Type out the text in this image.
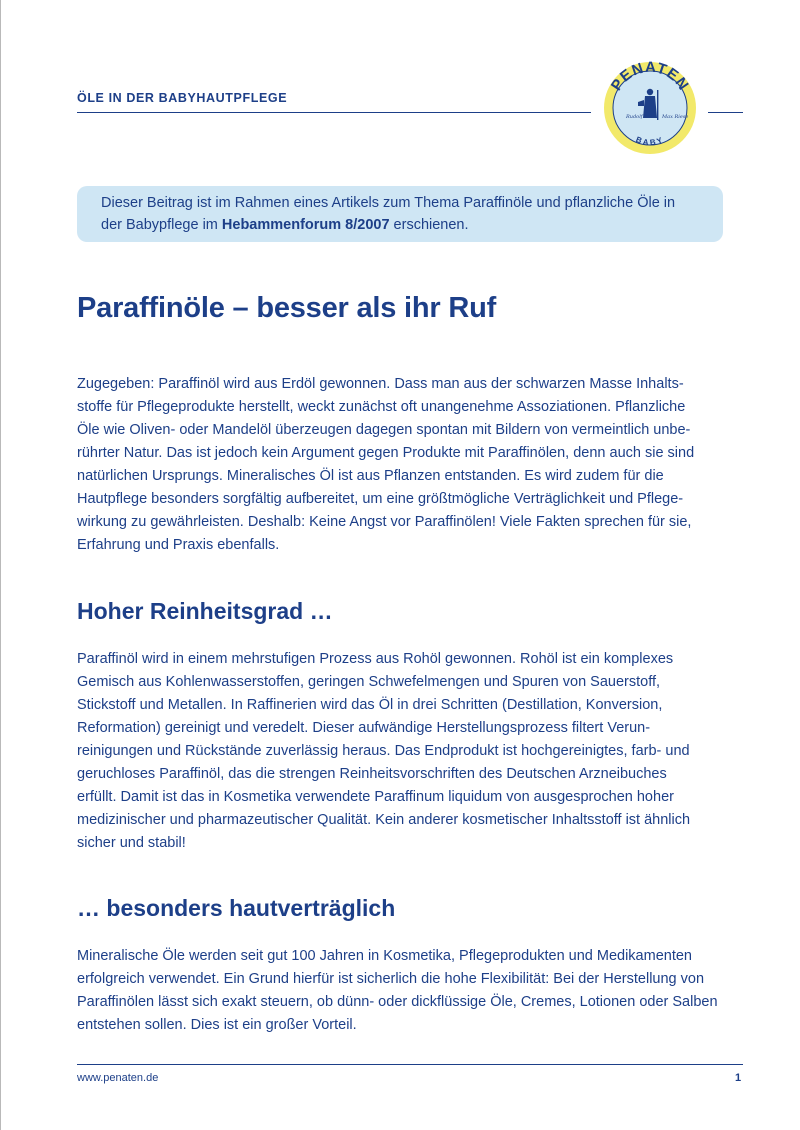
ÖLE IN DER BABYHAUTPFLEGE
PENATEN
BABY
Rudolf	Max Riese
Dieser Beitrag ist im Rahmen eines Artikels zum Thema Paraffinöle und pflanzliche Öle in der Babypflege im Hebammenforum 8/2007 erschienen.
Paraffinöle – besser als ihr Ruf
Zugegeben: Paraffinöl wird aus Erdöl gewonnen. Dass man aus der schwarzen Masse Inhalts-
stoffe für Pflegeprodukte herstellt, weckt zunächst oft unangenehme Assoziationen. Pflanzliche
Öle wie Oliven- oder Mandelöl überzeugen dagegen spontan mit Bildern von vermeintlich unbe-
rührter Natur. Das ist jedoch kein Argument gegen Produkte mit Paraffinölen, denn auch sie sind
natürlichen Ursprungs. Mineralisches Öl ist aus Pflanzen entstanden. Es wird zudem für die
Hautpflege besonders sorgfältig aufbereitet, um eine größtmögliche Verträglichkeit und Pflege-
wirkung zu gewährleisten. Deshalb: Keine Angst vor Paraffinölen! Viele Fakten sprechen für sie,
Erfahrung und Praxis ebenfalls.
Hoher Reinheitsgrad …
Paraffinöl wird in einem mehrstufigen Prozess aus Rohöl gewonnen. Rohöl ist ein komplexes
Gemisch aus Kohlenwasserstoffen, geringen Schwefelmengen und Spuren von Sauerstoff,
Stickstoff und Metallen. In Raffinerien wird das Öl in drei Schritten (Destillation, Konversion,
Reformation) gereinigt und veredelt. Dieser aufwändige Herstellungsprozess filtert Verun-
reinigungen und Rückstände zuverlässig heraus. Das Endprodukt ist hochgereinigtes, farb- und
geruchloses Paraffinöl, das die strengen Reinheitsvorschriften des Deutschen Arzneibuches
erfüllt. Damit ist das in Kosmetika verwendete Paraffinum liquidum von ausgesprochen hoher
medizinischer und pharmazeutischer Qualität. Kein anderer kosmetischer Inhaltsstoff ist ähnlich
sicher und stabil!
… besonders hautverträglich
Mineralische Öle werden seit gut 100 Jahren in Kosmetika, Pflegeprodukten und Medikamenten
erfolgreich verwendet. Ein Grund hierfür ist sicherlich die hohe Flexibilität: Bei der Herstellung von
Paraffinölen lässt sich exakt steuern, ob dünn- oder dickflüssige Öle, Cremes, Lotionen oder Salben
entstehen sollen. Dies ist ein großer Vorteil.
www.penaten.de	1
